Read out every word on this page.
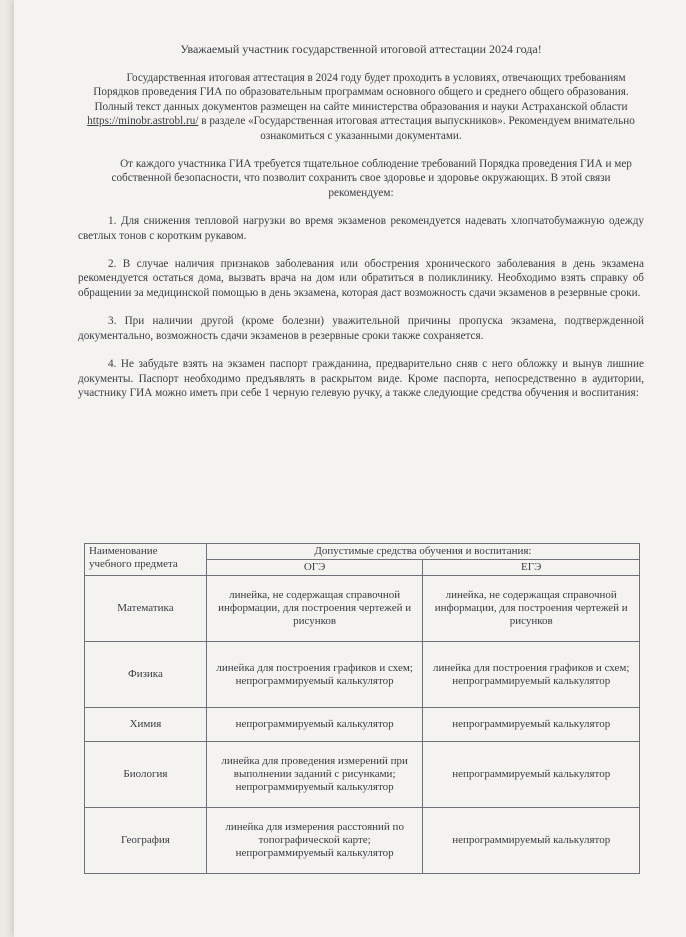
Уважаемый участник государственной итоговой аттестации 2024 года!

Государственная итоговая аттестация в 2024 году будет проходить в условиях, отвечающих требованиям Порядков проведения ГИА по образовательным программам основного общего и среднего общего образования. Полный текст данных документов размещен на сайте министерства образования и науки Астраханской области https://minobr.astrobl.ru/ в разделе «Государственная итоговая аттестация выпускников». Рекомендуем внимательно ознакомиться с указанными документами.

От каждого участника ГИА требуется тщательное соблюдение требований Порядка проведения ГИА и мер собственной безопасности, что позволит сохранить свое здоровье и здоровье окружающих. В этой связи рекомендуем:

1. Для снижения тепловой нагрузки во время экзаменов рекомендуется надевать хлопчатобумажную одежду светлых тонов с коротким рукавом.

2. В случае наличия признаков заболевания или обострения хронического заболевания в день экзамена рекомендуется остаться дома, вызвать врача на дом или обратиться в поликлинику. Необходимо взять справку об обращении за медицинской помощью в день экзамена, которая даст возможность сдачи экзаменов в резервные сроки.

3. При наличии другой (кроме болезни) уважительной причины пропуска экзамена, подтвержденной документально, возможность сдачи экзаменов в резервные сроки также сохраняется.

4. Не забудьте взять на экзамен паспорт гражданина, предварительно сняв с него обложку и вынув лишние документы. Паспорт необходимо предъявлять в раскрытом виде. Кроме паспорта, непосредственно в аудитории, участнику ГИА можно иметь при себе 1 черную гелевую ручку, а также следующие средства обучения и воспитания:

Наименование учебного предмета	Допустимые средства обучения и воспитания:	
	ОГЭ	ЕГЭ
Математика	линейка, не содержащая справочной информации, для построения чертежей и рисунков	линейка, не содержащая справочной информации, для построения чертежей и рисунков
Физика	линейка для построения графиков и схем; непрограммируемый калькулятор	линейка для построения графиков и схем; непрограммируемый калькулятор
Химия	непрограммируемый калькулятор	непрограммируемый калькулятор
Биология	линейка для проведения измерений при выполнении заданий с рисунками; непрограммируемый калькулятор	непрограммируемый калькулятор
География	линейка для измерения расстояний по топографической карте; непрограммируемый калькулятор	непрограммируемый калькулятор
